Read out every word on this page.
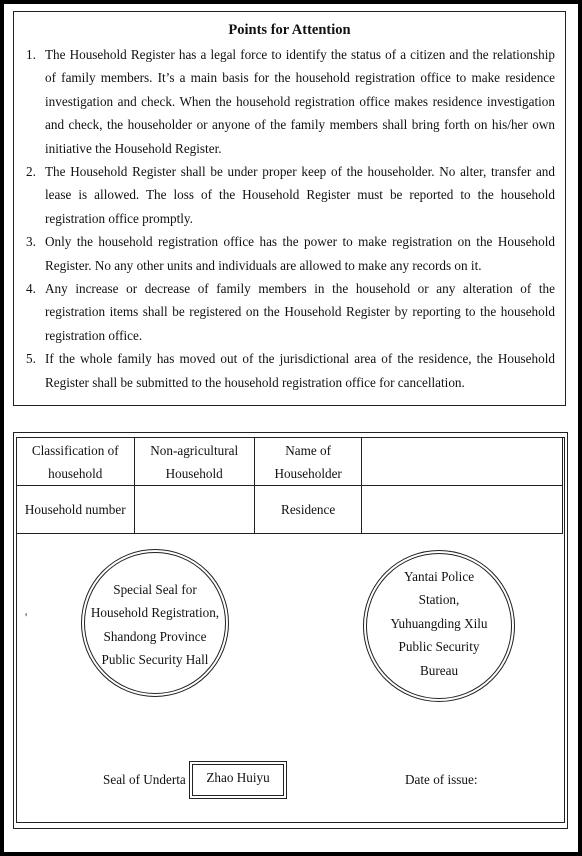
Points for Attention
1. The Household Register has a legal force to identify the status of a citizen and the relationship of family members. It’s a main basis for the household registration office to make residence investigation and check. When the household registration office makes residence investigation and check, the householder or anyone of the family members shall bring forth on his/her own initiative the Household Register.
2. The Household Register shall be under proper keep of the householder. No alter, transfer and lease is allowed. The loss of the Household Register must be reported to the household registration office promptly.
3. Only the household registration office has the power to make registration on the Household Register. No any other units and individuals are allowed to make any records on it.
4. Any increase or decrease of family members in the household or any alteration of the registration items shall be registered on the Household Register by reporting to the household registration office.
5. If the whole family has moved out of the jurisdictional area of the residence, the Household Register shall be submitted to the household registration office for cancellation.
Classification of household	Non-agricultural Household	Name of Householder	
Household number		Residence	
'
Special Seal for
Household Registration,
Shandong Province
Public Security Hall
Yantai Police
Station,
Yuhuangding Xilu
Public Security
Bureau
Seal of Underta	Zhao Huiyu	Date of issue:
